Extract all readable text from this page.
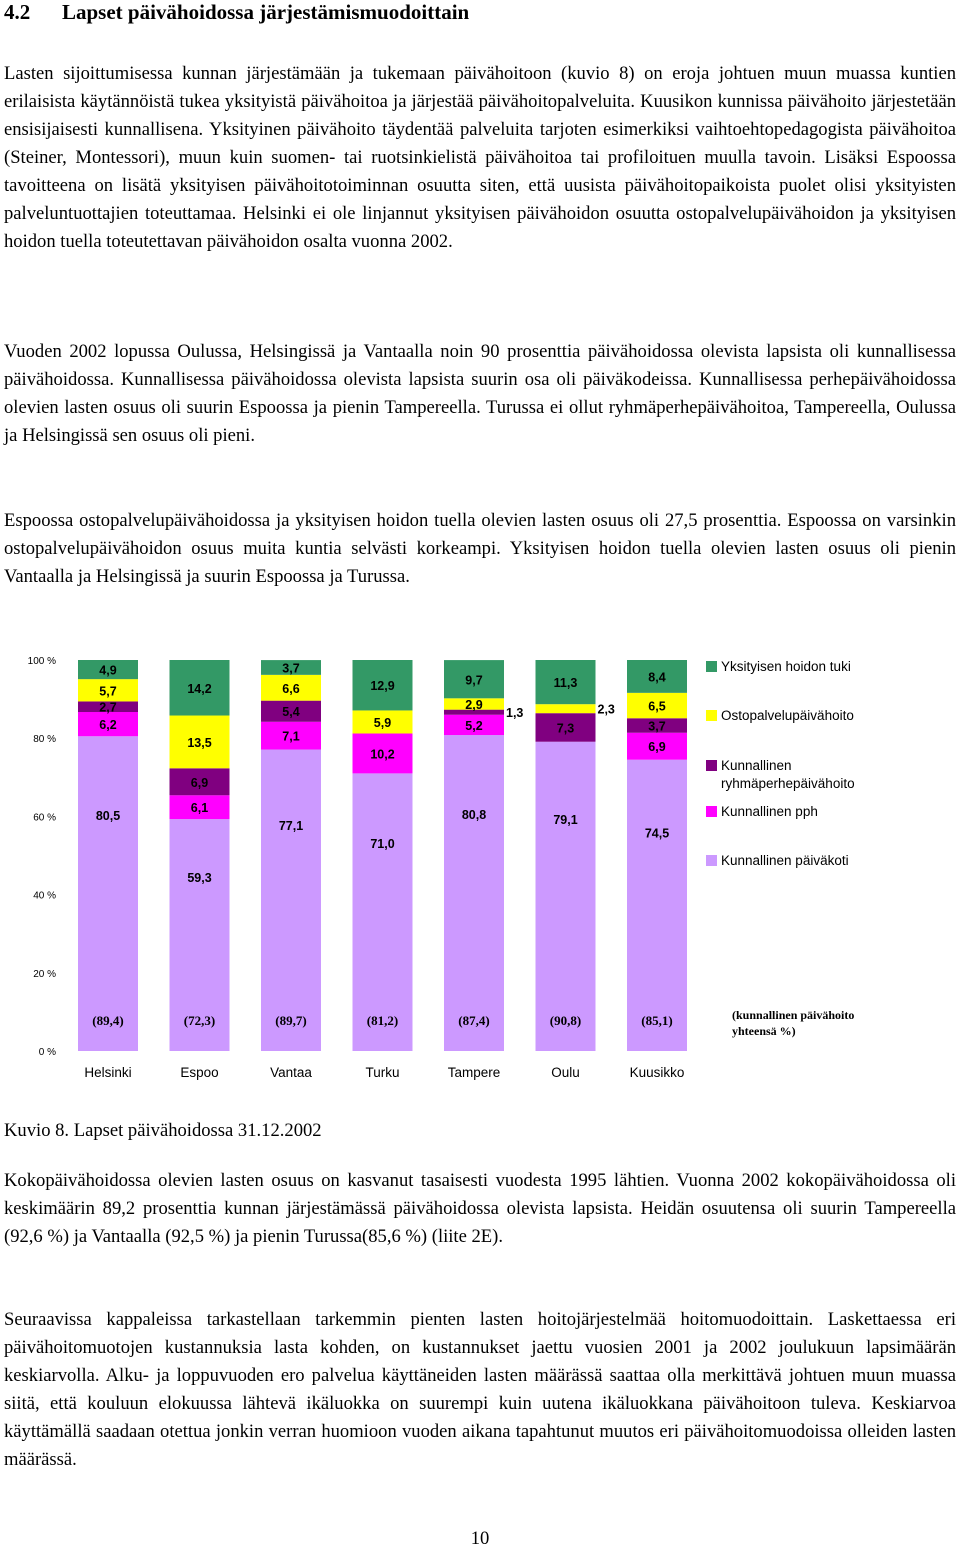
4.2 Lapset päivähoidossa järjestämismuodoittain

Lasten sijoittumisessa kunnan järjestämään ja tukemaan päivähoitoon (kuvio 8) on eroja johtuen muun muassa kuntien erilaisista käytännöistä tukea yksityistä päivähoitoa ja järjestää päivähoitopalveluita. Kuusikon kunnissa päivähoito järjestetään ensisijaisesti kunnallisena. Yksityinen päivähoito täydentää palveluita tarjoten esimerkiksi vaihtoehtopedagogista päivähoitoa (Steiner, Montessori), muun kuin suomen- tai ruotsinkielistä päivähoitoa tai profiloituen muulla tavoin. Lisäksi Espoossa tavoitteena on lisätä yksityisen päivähoitotoiminnan osuutta siten, että uusista päivähoitopaikoista puolet olisi yksityisten palveluntuottajien toteuttamaa. Helsinki ei ole linjannut yksityisen päivähoidon osuutta ostopalvelupäivähoidon ja yksityisen hoidon tuella toteutettavan päivähoidon osalta vuonna 2002.

Vuoden 2002 lopussa Oulussa, Helsingissä ja Vantaalla noin 90 prosenttia päivähoidossa olevista lapsista oli kunnallisessa päivähoidossa. Kunnallisessa päivähoidossa olevista lapsista suurin osa oli päiväkodeissa. Kunnallisessa perhepäivähoidossa olevien lasten osuus oli suurin Espoossa ja pienin Tampereella. Turussa ei ollut ryhmäperhepäivähoitoa, Tampereella, Oulussa ja Helsingissä sen osuus oli pieni.

Espoossa ostopalvelupäivähoidossa ja yksityisen hoidon tuella olevien lasten osuus oli 27,5 prosenttia. Espoossa on varsinkin ostopalvelupäivähoidon osuus muita kuntia selvästi korkeampi. Yksityisen hoidon tuella olevien lasten osuus oli pienin Vantaalla ja Helsingissä ja suurin Espoossa ja Turussa.

0 %
20 %
40 %
60 %
80 %
100 %
80,5
6,2
2,7
5,7
4,9
(89,4)
Helsinki
59,3
6,1
6,9
13,5
14,2
(72,3)
Espoo
77,1
7,1
5,4
6,6
3,7
(89,7)
Vantaa
71,0
10,2
5,9
12,9
(81,2)
Turku
80,8
5,2
1,3
2,9
9,7
(87,4)
Tampere
79,1
7,3
2,3
11,3
(90,8)
Oulu
74,5
6,9
3,7
6,5
8,4
(85,1)
Kuusikko
Yksityisen hoidon tuki
Ostopalvelupäivähoito
Kunnallinen
ryhmäperhepäivähoito
Kunnallinen pph
Kunnallinen päiväkoti
(kunnallinen päivähoito
yhteensä %)
Kuvio 8. Lapset päivähoidossa 31.12.2002

Kokopäivähoidossa olevien lasten osuus on kasvanut tasaisesti vuodesta 1995 lähtien. Vuonna 2002 kokopäivähoidossa oli keskimäärin 89,2 prosenttia kunnan järjestämässä päivähoidossa olevista lapsista. Heidän osuutensa oli suurin Tampereella (92,6 %) ja Vantaalla (92,5 %) ja pienin Turussa(85,6 %) (liite 2E).

Seuraavissa kappaleissa tarkastellaan tarkemmin pienten lasten hoitojärjestelmää hoitomuodoittain. Laskettaessa eri päivähoitomuotojen kustannuksia lasta kohden, on kustannukset jaettu vuosien 2001 ja 2002 joulukuun lapsimäärän keskiarvolla. Alku- ja loppuvuoden ero palvelua käyttäneiden lasten määrässä saattaa olla merkittävä johtuen muun muassa siitä, että kouluun elokuussa lähtevä ikäluokka on suurempi kuin uutena ikäluokkana päivähoitoon tuleva. Keskiarvoa käyttämällä saadaan otettua jonkin verran huomioon vuoden aikana tapahtunut muutos eri päivähoitomuodoissa olleiden lasten määrässä.

10
